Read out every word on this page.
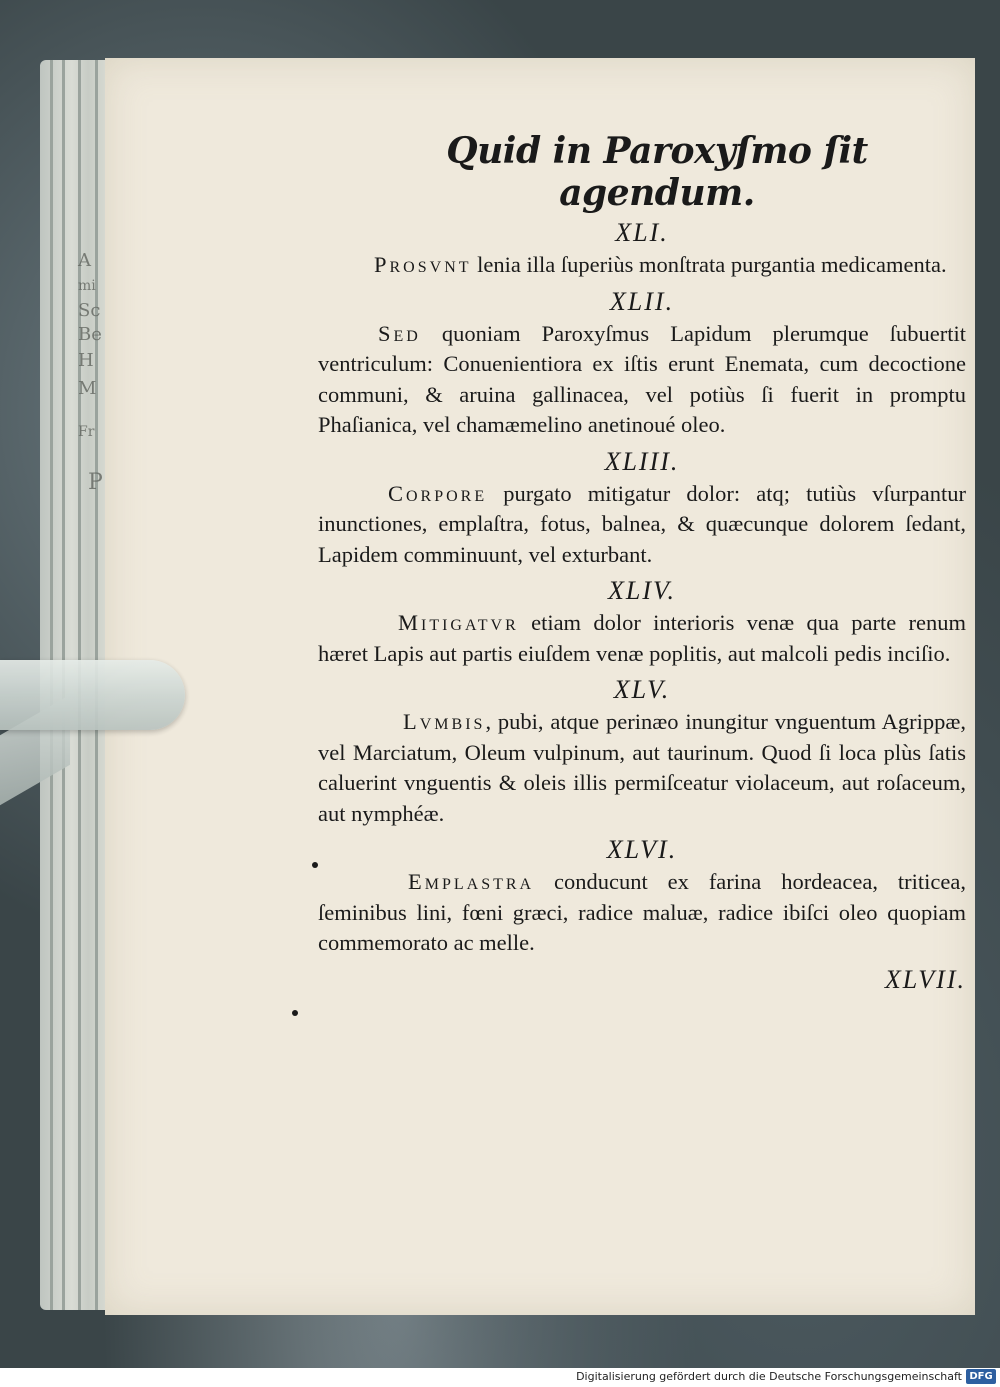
A
mi
Sc
Be
H
M
Fr
P
Quid in Paroxyſmo ſit agendum.

XLI.

Prosvnt lenia illa ſuperiùs monſtrata purgantia medicamenta.

XLII.

Sed quoniam Paroxyſmus Lapidum plerumque ſubuertit ventriculum: Conuenientiora ex iſtis erunt Enemata, cum decoctione communi, & aruina gallinacea, vel potiùs ſi fuerit in promptu Phaſianica, vel chamæmelino anetinoué oleo.

XLIII.

Corpore purgato mitigatur dolor: atq; tutiùs vſurpantur inunctiones, emplaſtra, fotus, balnea, & quæcunque dolorem ſedant, Lapidem comminuunt, vel exturbant.

XLIV.

Mitigatvr etiam dolor interioris venæ qua parte renum hæret Lapis aut partis eiuſdem venæ poplitis, aut malcoli pedis inciſio.

XLV.

Lvmbis, pubi, atque perinæo inungitur vnguentum Agrippæ, vel Marciatum, Oleum vulpinum, aut taurinum. Quod ſi loca plùs ſatis caluerint vnguentis & oleis illis permiſceatur violaceum, aut roſaceum, aut nymphéæ.

XLVI.

Emplastra conducunt ex farina hordeacea, triticea, ſeminibus lini, fœni græci, radice maluæ, radice ibiſci oleo quopiam commemorato ac melle.

XLVII.

Digitalisierung gefördert durch die Deutsche Forschungsgemeinschaft DFG
